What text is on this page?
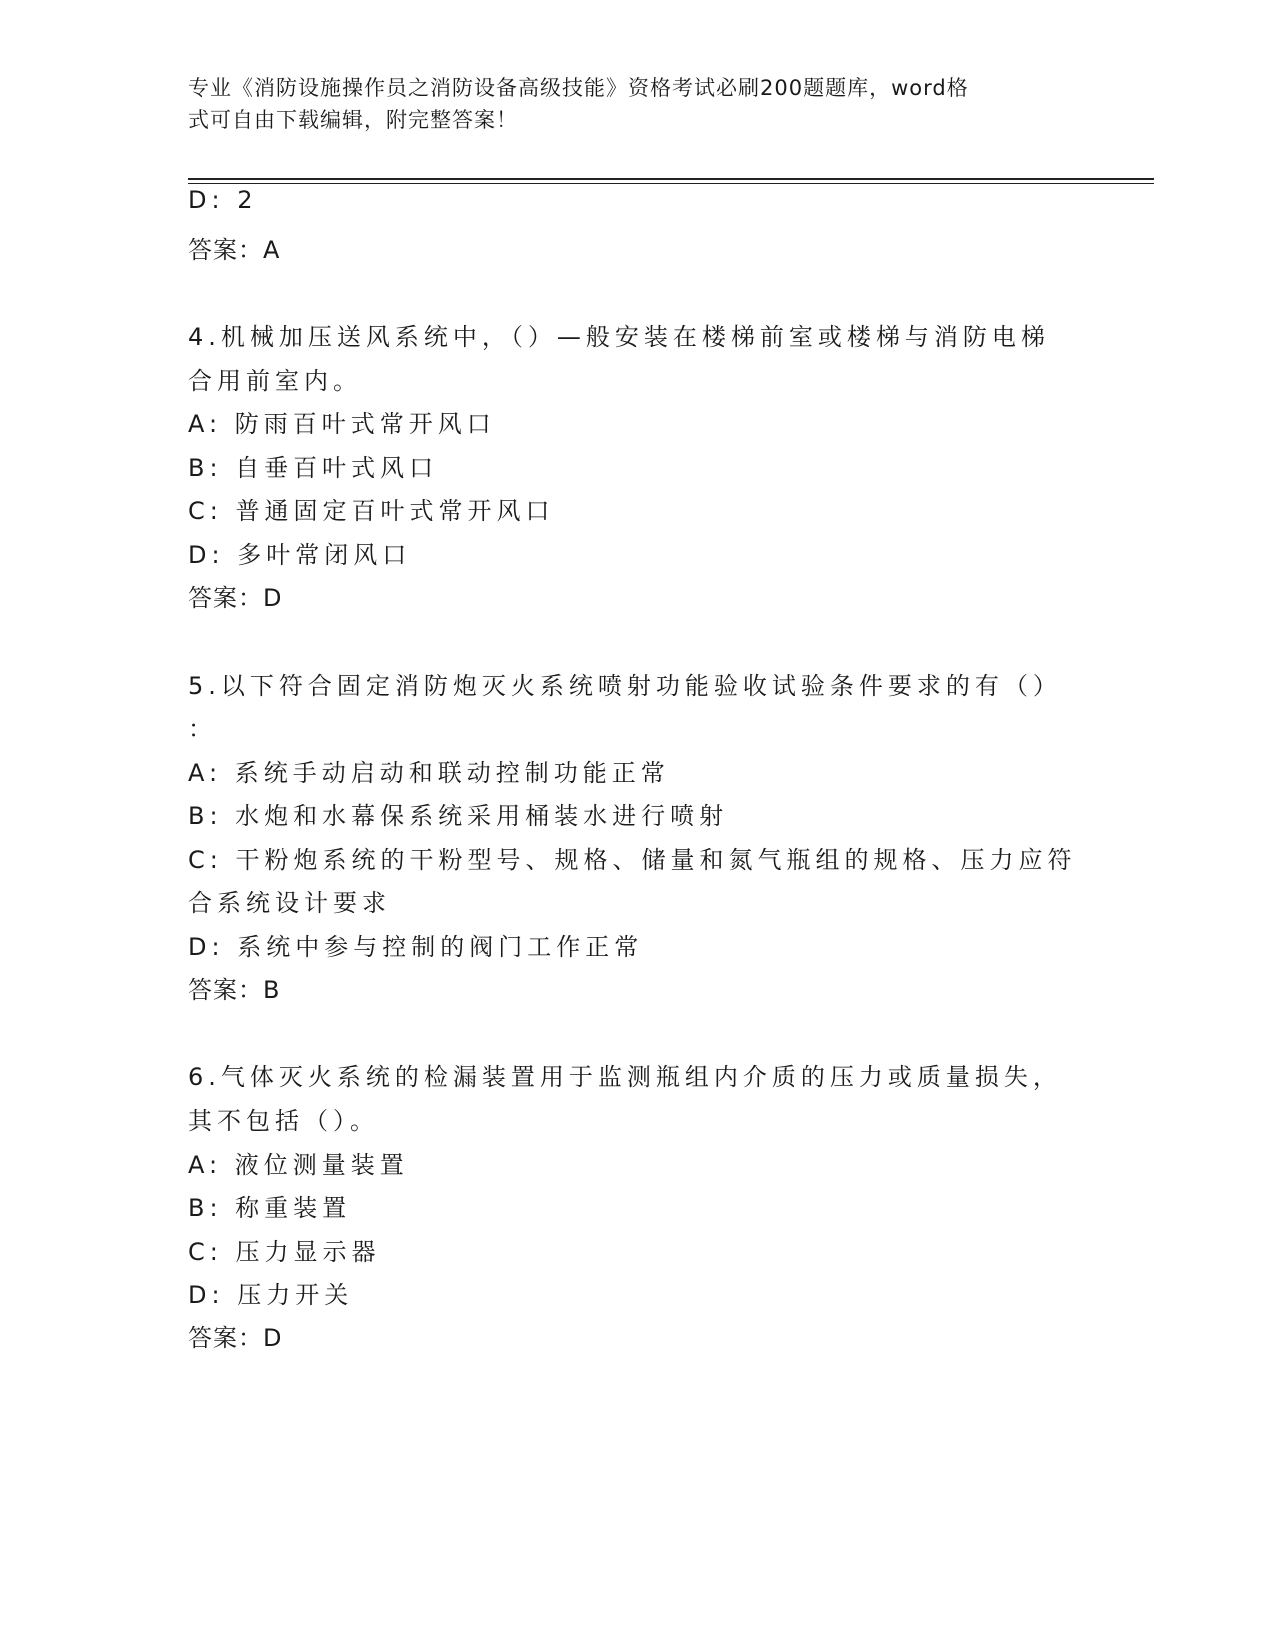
专业《消防设施操作员之消防设备高级技能》资格考试必刷200题题库，word格
式可自由下载编辑，附完整答案！
D: 2
答案：A
4.机械加压送风系统中，（）—般安装在楼梯前室或楼梯与消防电梯
合用前室内。
A: 防雨百叶式常开风口
B: 自垂百叶式风口
C: 普通固定百叶式常开风口
D: 多叶常闭风口
答案：D
5.以下符合固定消防炮灭火系统喷射功能验收试验条件要求的有（）
：
A: 系统手动启动和联动控制功能正常
B: 水炮和水幕保系统采用桶装水进行喷射
C: 干粉炮系统的干粉型号、规格、储量和氮气瓶组的规格、压力应符
合系统设计要求
D: 系统中参与控制的阀门工作正常
答案：B
6.气体灭火系统的检漏装置用于监测瓶组内介质的压力或质量损失，
其不包括（）。
A: 液位测量装置
B: 称重装置
C: 压力显示器
D: 压力开关
答案：D
